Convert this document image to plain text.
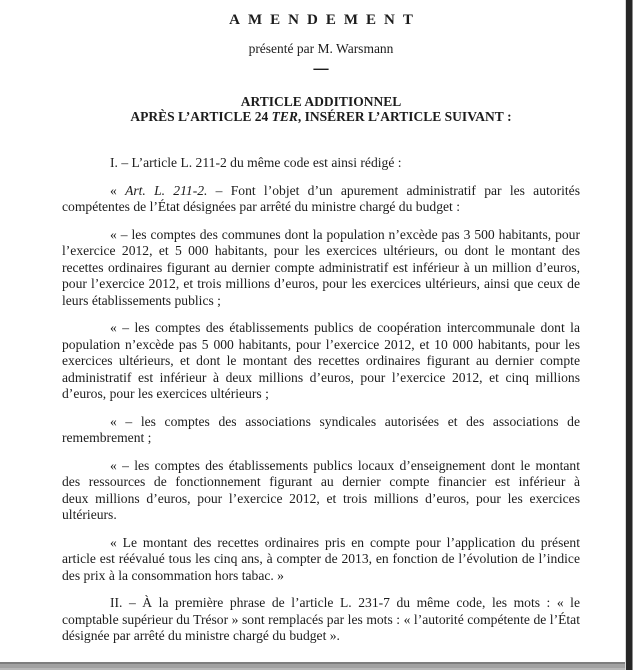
AMENDEMENT
présenté par M. Warsmann
—
ARTICLE ADDITIONNEL
APRÈS L’ARTICLE 24 TER, INSÉRER L’ARTICLE SUIVANT :

I. – L’article L. 211-2 du même code est ainsi rédigé :

« Art. L. 211-2. – Font l’objet d’un apurement administratif par les autorités compétentes de l’État désignées par arrêté du ministre chargé du budget :

« – les comptes des communes dont la population n’excède pas 3 500 habitants, pour l’exercice 2012, et 5 000 habitants, pour les exercices ultérieurs, ou dont le montant des recettes ordinaires figurant au dernier compte administratif est inférieur à un million d’euros, pour l’exercice 2012, et trois millions d’euros, pour les exercices ultérieurs, ainsi que ceux de leurs établissements publics ;

« – les comptes des établissements publics de coopération intercommunale dont la population n’excède pas 5 000 habitants, pour l’exercice 2012, et 10 000 habitants, pour les exercices ultérieurs, et dont le montant des recettes ordinaires figurant au dernier compte administratif est inférieur à deux millions d’euros, pour l’exercice 2012, et cinq millions d’euros, pour les exercices ultérieurs ;

« – les comptes des associations syndicales autorisées et des associations de remembrement ;

« – les comptes des établissements publics locaux d’enseignement dont le montant des ressources de fonctionnement figurant au dernier compte financier est inférieur à deux millions d’euros, pour l’exercice 2012, et trois millions d’euros, pour les exercices ultérieurs.

« Le montant des recettes ordinaires pris en compte pour l’application du présent article est réévalué tous les cinq ans, à compter de 2013, en fonction de l’évolution de l’indice des prix à la consommation hors tabac. »

II. – À la première phrase de l’article L. 231-7 du même code, les mots : « le comptable supérieur du Trésor » sont remplacés par les mots : « l’autorité compétente de l’État désignée par arrêté du ministre chargé du budget ».
